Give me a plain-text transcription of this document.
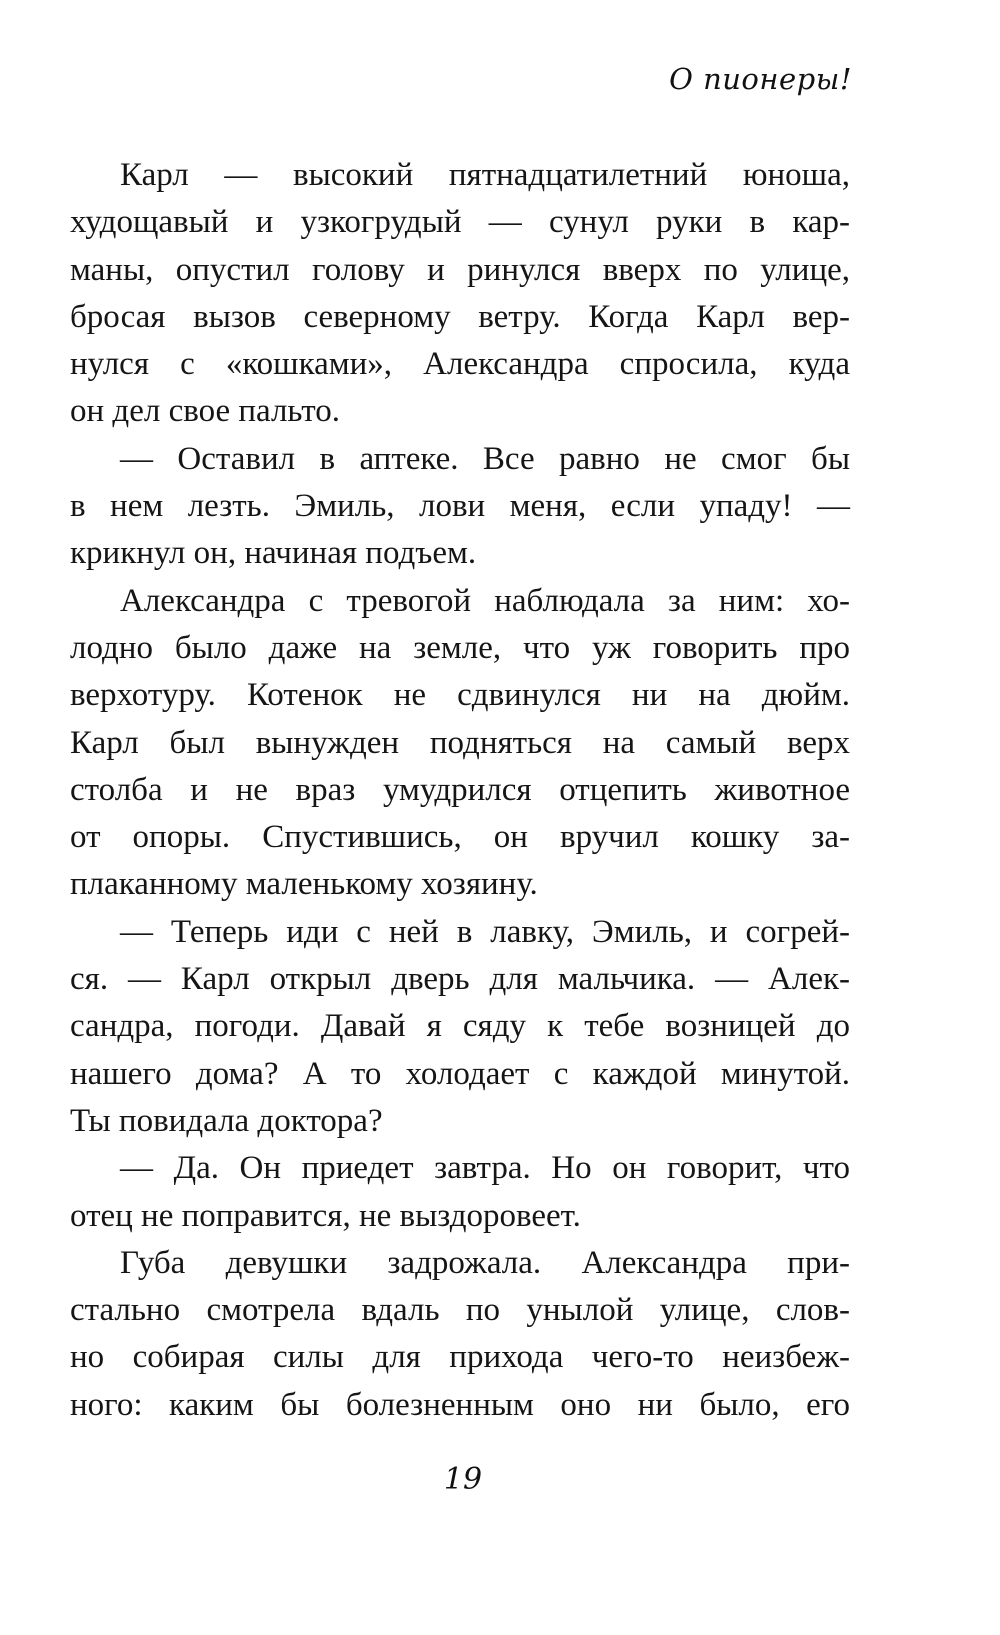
О пионеры!
Карл — высокий пятнадцатилетний юноша,
худощавый и узкогрудый — сунул руки в кар-
маны, опустил голову и ринулся вверх по улице,
бросая вызов северному ветру. Когда Карл вер-
нулся с «кошками», Александра спросила, куда
он дел свое пальто.
— Оставил в аптеке. Все равно не смог бы
в нем лезть. Эмиль, лови меня, если упаду! —
крикнул он, начиная подъем.
Александра с тревогой наблюдала за ним: хо-
лодно было даже на земле, что уж говорить про
верхотуру. Котенок не сдвинулся ни на дюйм.
Карл был вынужден подняться на самый верх
столба и не враз умудрился отцепить животное
от опоры. Спустившись, он вручил кошку за-
плаканному маленькому хозяину.
— Теперь иди с ней в лавку, Эмиль, и согрей-
ся. — Карл открыл дверь для мальчика. — Алек-
сандра, погоди. Давай я сяду к тебе возницей до
нашего дома? А то холодает с каждой минутой.
Ты повидала доктора?
— Да. Он приедет завтра. Но он говорит, что
отец не поправится, не выздоровеет.
Губа девушки задрожала. Александра при-
стально смотрела вдаль по унылой улице, слов-
но собирая силы для прихода чего-то неизбеж-
ного: каким бы болезненным оно ни было, его
19
